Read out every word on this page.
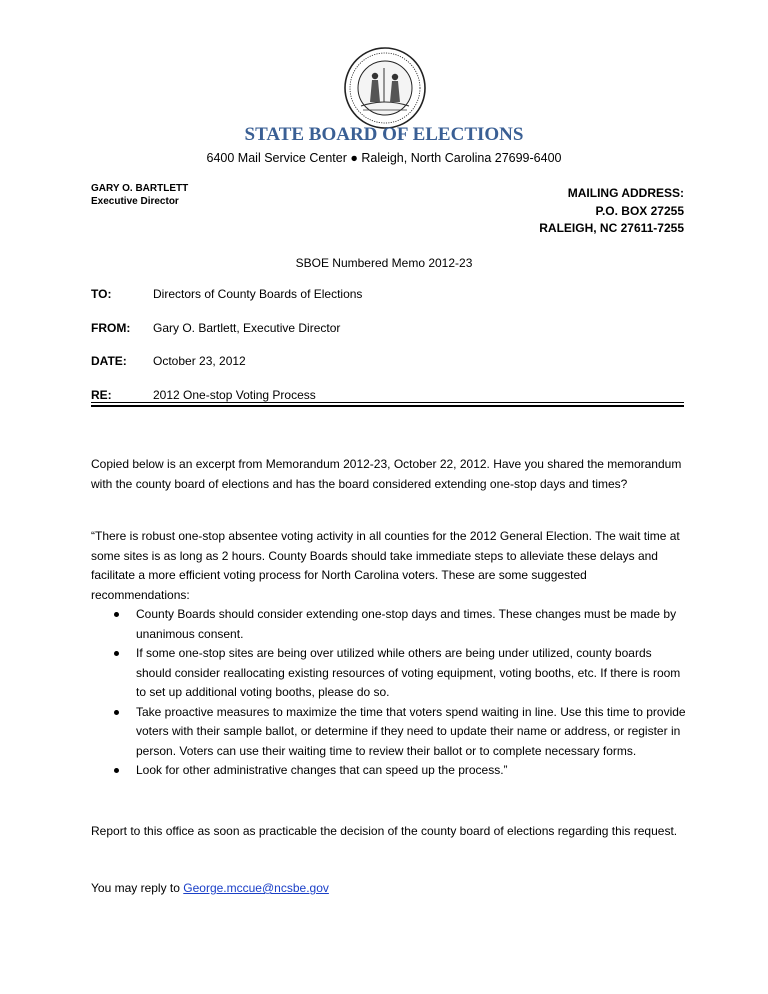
STATE BOARD OF ELECTIONS
6400 Mail Service Center ● Raleigh, North Carolina 27699-6400
GARY O. BARTLETT
Executive Director
MAILING ADDRESS:
P.O. BOX 27255
RALEIGH, NC 27611-7255
SBOE Numbered Memo 2012-23
TO:	Directors of County Boards of Elections
FROM: Gary O. Bartlett, Executive Director
DATE: October 23, 2012
RE:	2012 One-stop Voting Process
Copied below is an excerpt from Memorandum 2012-23, October 22, 2012. Have you shared the memorandum with the county board of elections and has the board considered extending one-stop days and times?
“There is robust one-stop absentee voting activity in all counties for the 2012 General Election. The wait time at some sites is as long as 2 hours. County Boards should take immediate steps to alleviate these delays and facilitate a more efficient voting process for North Carolina voters. These are some suggested recommendations:
County Boards should consider extending one-stop days and times. These changes must be made by unanimous consent.
If some one-stop sites are being over utilized while others are being under utilized, county boards should consider reallocating existing resources of voting equipment, voting booths, etc. If there is room to set up additional voting booths, please do so.
Take proactive measures to maximize the time that voters spend waiting in line. Use this time to provide voters with their sample ballot, or determine if they need to update their name or address, or register in person. Voters can use their waiting time to review their ballot or to complete necessary forms.
Look for other administrative changes that can speed up the process.”
Report to this office as soon as practicable the decision of the county board of elections regarding this request.
You may reply to George.mccue@ncsbe.gov
